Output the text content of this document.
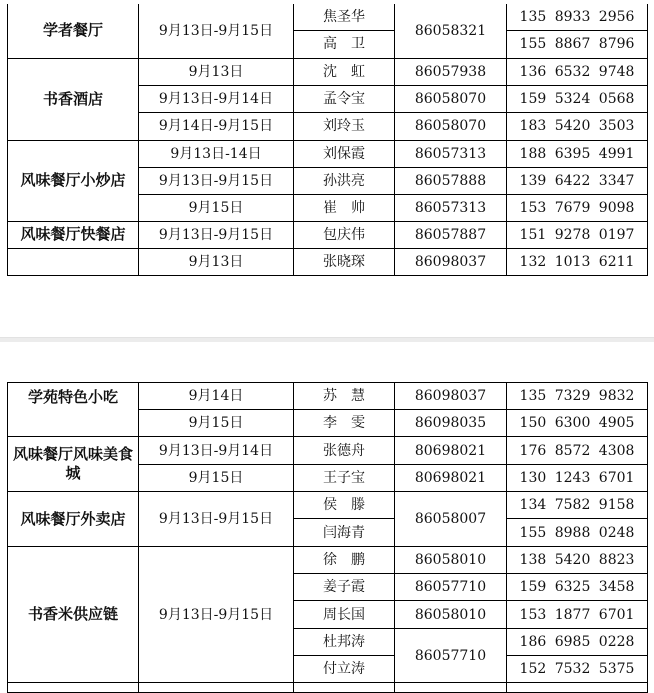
学者餐厅	9月13日-9月15日	焦圣华	86058321	135 8933 2956
		高　卫		155 8867 8796
书香酒店	9月13日	沈　虹	86057938	136 6532 9748
	9月13日-9月14日	孟令宝	86058070	159 5324 0568
	9月14日-9月15日	刘玲玉	86058070	183 5420 3503
风味餐厅小炒店	9月13日-14日	刘保霞	86057313	188 6395 4991
	9月13日-9月15日	孙洪亮	86057888	139 6422 3347
	9月15日	崔　帅	86057313	153 7679 9098
风味餐厅快餐店	9月13日-9月15日	包庆伟	86057887	151 9278 0197
	9月13日	张晓琛	86098037	132 1013 6211
学苑特色小吃	9月14日	苏　慧	86098037	135 7329 9832
	9月15日	李　雯	86098035	150 6300 4905
风味餐厅风味美食城	9月13日-9月14日	张德舟	80698021	176 8572 4308
	9月15日	王子宝	80698021	130 1243 6701
风味餐厅外卖店	9月13日-9月15日	侯　滕	86058007	134 7582 9158
		闫海青		155 8988 0248
书香米供应链	9月13日-9月15日	徐　鹏	86058010	138 5420 8823
		姜子霞	86057710	159 6325 3458
		周长国	86058010	153 1877 6701
		杜邦涛	86057710	186 6985 0228
		付立涛		152 7532 5375
